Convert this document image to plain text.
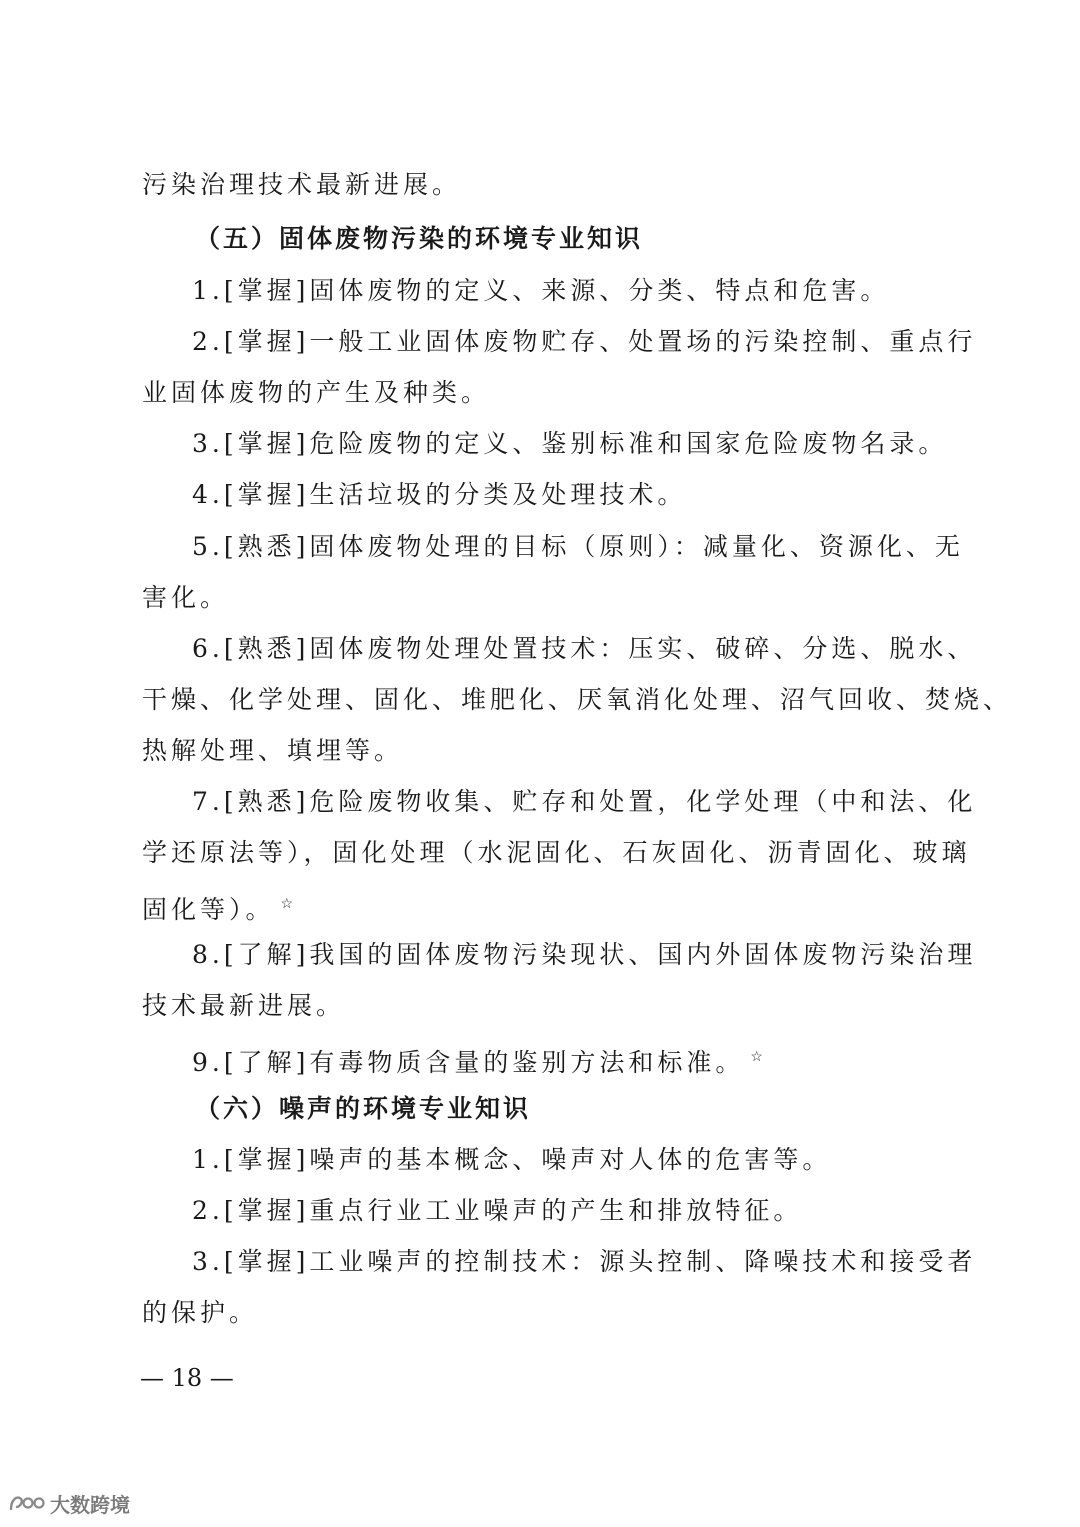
污染治理技术最新进展。
（五）固体废物污染的环境专业知识
1.[掌握]固体废物的定义、来源、分类、特点和危害。
2.[掌握]一般工业固体废物贮存、处置场的污染控制、重点行
业固体废物的产生及种类。
3.[掌握]危险废物的定义、鉴别标准和国家危险废物名录。
4.[掌握]生活垃圾的分类及处理技术。
5.[熟悉]固体废物处理的目标（原则）：减量化、资源化、无
害化。
6.[熟悉]固体废物处理处置技术：压实、破碎、分选、脱水、
干燥、化学处理、固化、堆肥化、厌氧消化处理、沼气回收、焚烧、
热解处理、填埋等。
7.[熟悉]危险废物收集、贮存和处置，化学处理（中和法、化
学还原法等），固化处理（水泥固化、石灰固化、沥青固化、玻璃
固化等）。 ☆
8.[了解]我国的固体废物污染现状、国内外固体废物污染治理
技术最新进展。
9.[了解]有毒物质含量的鉴别方法和标准。 ☆
（六）噪声的环境专业知识
1.[掌握]噪声的基本概念、噪声对人体的危害等。
2.[掌握]重点行业工业噪声的产生和排放特征。
3.[掌握]工业噪声的控制技术：源头控制、降噪技术和接受者
的保护。
— 18 —
大数跨境
